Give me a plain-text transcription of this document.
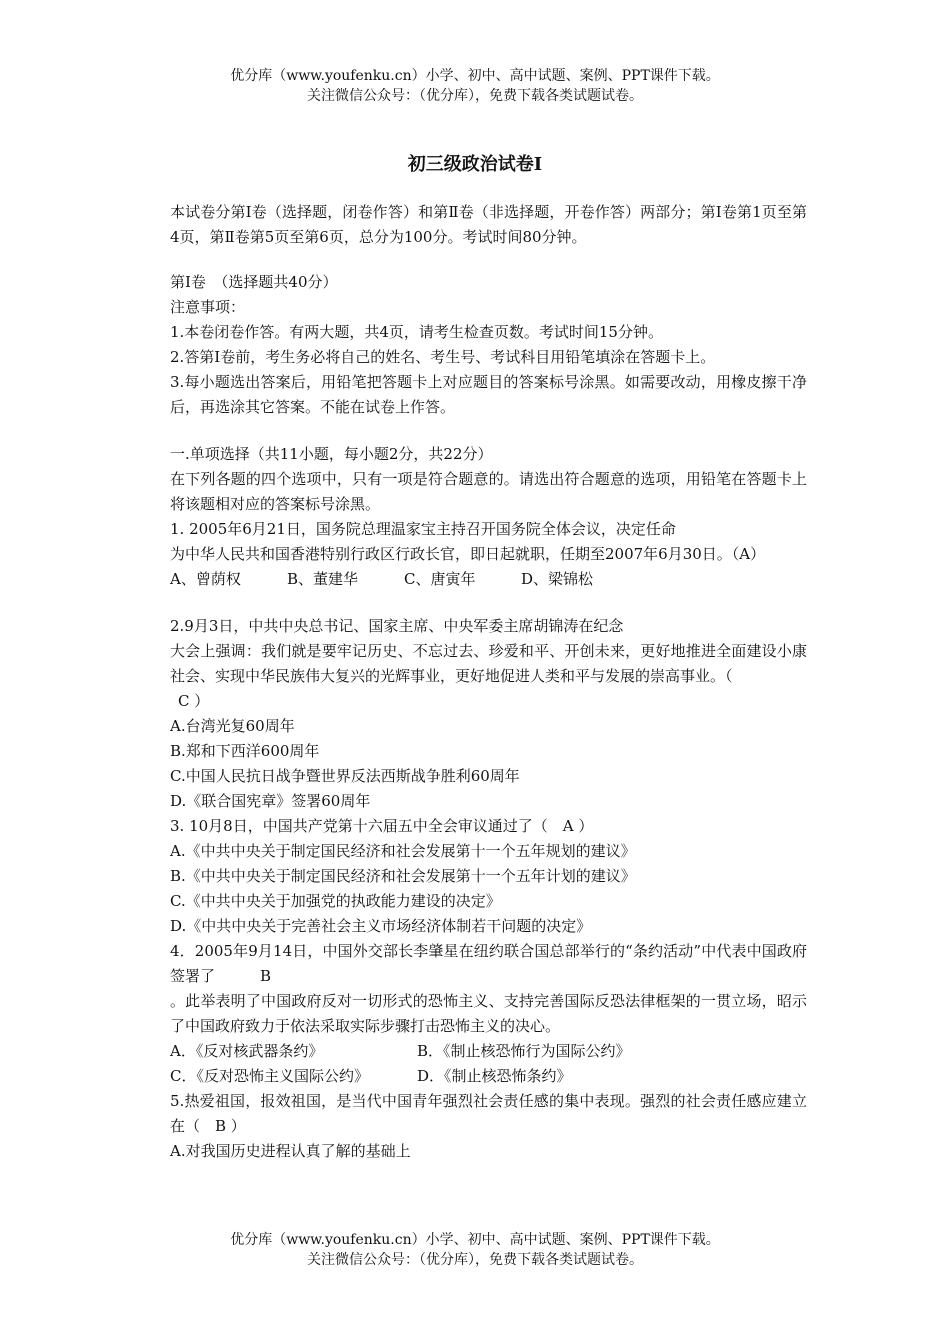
优分库（www.youfenku.cn）小学、初中、高中试题、案例、PPT课件下载。
关注微信公众号：（优分库），免费下载各类试题试卷。
初三级政治试卷Ⅰ

本试卷分第Ⅰ卷（选择题，闭卷作答）和第Ⅱ卷（非选择题，开卷作答）两部分；第Ⅰ卷第1页至第4页，第Ⅱ卷第5页至第6页，总分为100分。考试时间80分钟。

第Ⅰ卷　（选择题共40分）

注意事项：

1.本卷闭卷作答。有两大题，共4页，请考生检查页数。考试时间15分钟。

2.答第Ⅰ卷前，考生务必将自己的姓名、考生号、考试科目用铅笔填涂在答题卡上。

3.每小题选出答案后，用铅笔把答题卡上对应题目的答案标号涂黑。如需要改动，用橡皮擦干净后，再选涂其它答案。不能在试卷上作答。

一.单项选择（共11小题，每小题2分，共22分）

在下列各题的四个选项中，只有一项是符合题意的。请选出符合题意的选项，用铅笔在答题卡上将该题相对应的答案标号涂黑。

1. 2005年6月21日，国务院总理温家宝主持召开国务院全体会议，决定任命

为中华人民共和国香港特别行政区行政长官，即日起就职，任期至2007年6月30日。（A）

A、曾荫权	B、董建华	C、唐寅年	D、梁锦松

2.9月3日，中共中央总书记、国家主席、中央军委主席胡锦涛在纪念

大会上强调：我们就是要牢记历史、不忘过去、珍爱和平、开创未来，更好地推进全面建设小康社会、实现中华民族伟大复兴的光辉事业，更好地促进人类和平与发展的崇高事业。（

C ）

A.台湾光复60周年

B.郑和下西洋600周年

C.中国人民抗日战争暨世界反法西斯战争胜利60周年

D.《联合国宪章》签署60周年

3. 10月8日，中国共产党第十六届五中全会审议通过了（　A ）

A.《中共中央关于制定国民经济和社会发展第十一个五年规划的建议》

B.《中共中央关于制定国民经济和社会发展第十一个五年计划的建议》

C.《中共中央关于加强党的执政能力建设的决定》

D.《中共中央关于完善社会主义市场经济体制若干问题的决定》

4．2005年9月14日，中国外交部长李肇星在纽约联合国总部举行的“条约活动”中代表中国政府签署了　　　B

。此举表明了中国政府反对一切形式的恐怖主义、支持完善国际反恐法律框架的一贯立场，昭示了中国政府致力于依法采取实际步骤打击恐怖主义的决心。

A．《反对核武器条约》	B．《制止核恐怖行为国际公约》
C．《反对恐怖主义国际公约》	D．《制止核恐怖条约》

5.热爱祖国，报效祖国，是当代中国青年强烈社会责任感的集中表现。强烈的社会责任感应建立在（　B ）

A.对我国历史进程认真了解的基础上

优分库（www.youfenku.cn）小学、初中、高中试题、案例、PPT课件下载。
关注微信公众号：（优分库），免费下载各类试题试卷。
